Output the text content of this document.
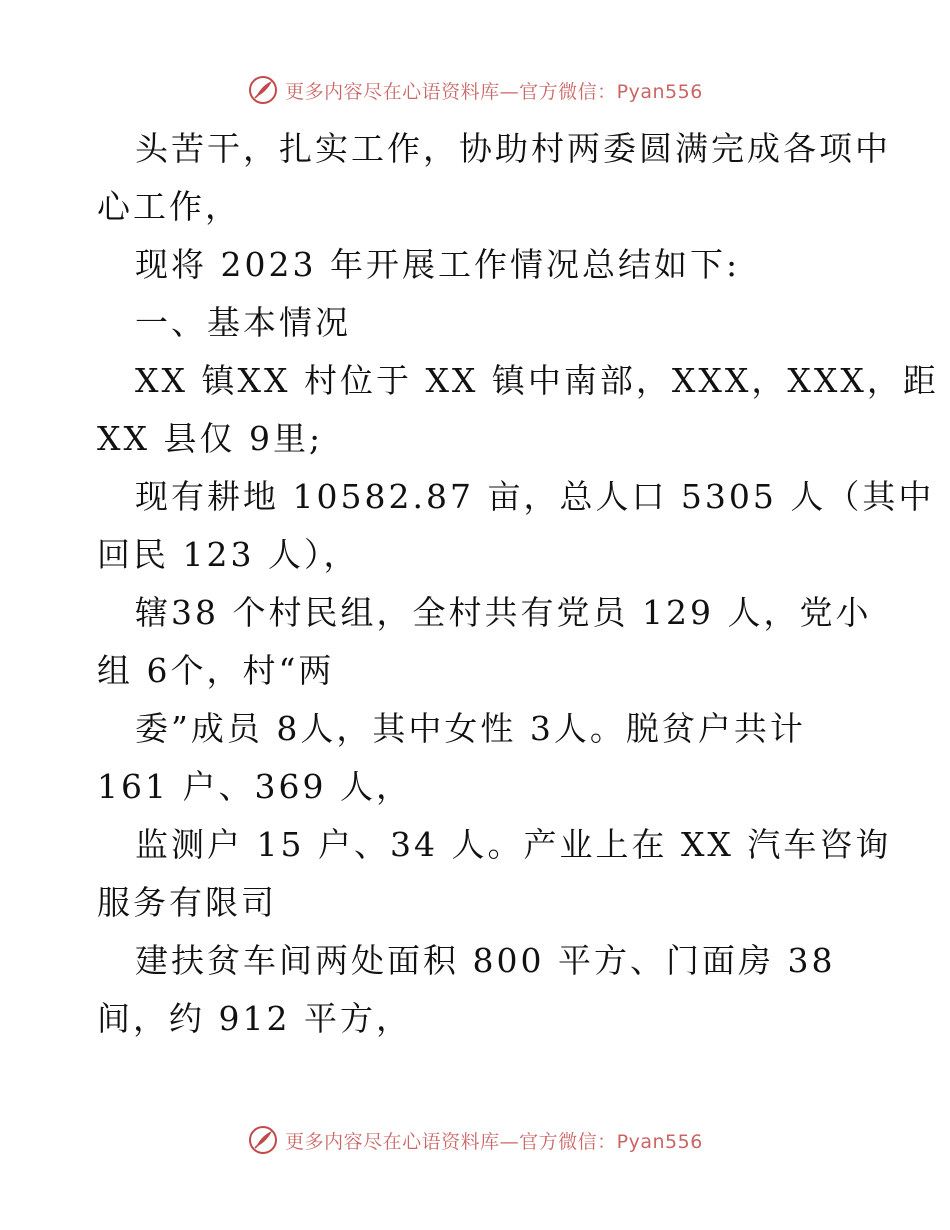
更多内容尽在心语资料库—官方微信：Pyan556
头苦干，扎实工作，协助村两委圆满完成各项中
心工作，
现将 2023 年开展工作情况总结如下:
一、基本情况
XX 镇XX 村位于 XX 镇中南部，XXX，XXX，距
XX 县仅 9里;
现有耕地 10582.87 亩，总人口 5305 人（其中
回民 123 人），
辖38 个村民组，全村共有党员 129 人，党小
组 6个，村“两
委”成员 8人，其中女性 3人。脱贫户共计
161 户、369 人，
监测户 15 户、34 人。产业上在 XX 汽车咨询
服务有限司
建扶贫车间两处面积 800 平方、门面房 38
间，约 912 平方，
更多内容尽在心语资料库—官方微信：Pyan556
